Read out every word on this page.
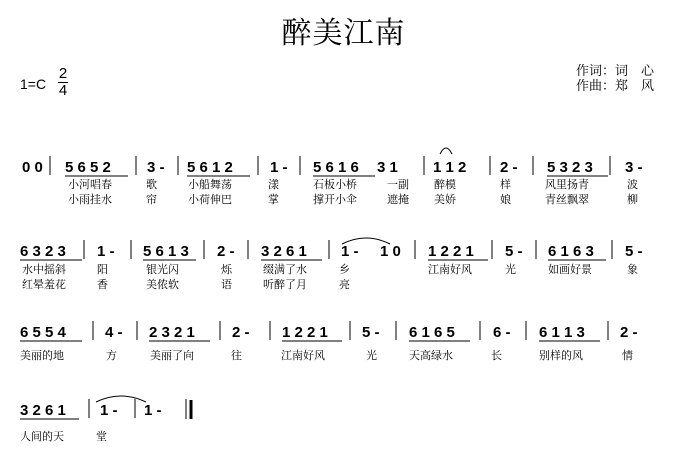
醉美江南
1=C
2
4
作词：词　心
作曲：郑　风
0 0 5 6 5 2 3 - 5 6 1 2 1 - 5 6 1 6 3 1 1 1 2 2 - 5 3 2 3 3 -
小河唱春	歌	小船舞荡	漾	石板小桥	一副 醉模	样	风里扬青	波
小雨挂水	帘	小荷伸巴	掌	撑开小伞	遮掩 美娇	娘	青丝飘翠	柳
6 3 2 3 1 - 5 6 1 3 2 - 3 2 6 1 1 - 1 0 1 2 2 1 5 - 6 1 6 3 5 -
水中摇斜	阳	银光闪	烁	缀满了水	乡	江南好风	光	如画好景	象
红晕羞花	香	美侬软	语	听醉了月	亮
6 5 5 4	4 - 2 3 2 1 2 - 1 2 2 1 5 - 6 1 6 5	6 - 6 1 1 3 2 -
美丽的地	方	美丽了向	往	江南好风	光	天高绿水	长	别样的风	情
3 2 6 1 1 - 1 -
人间的天	堂
